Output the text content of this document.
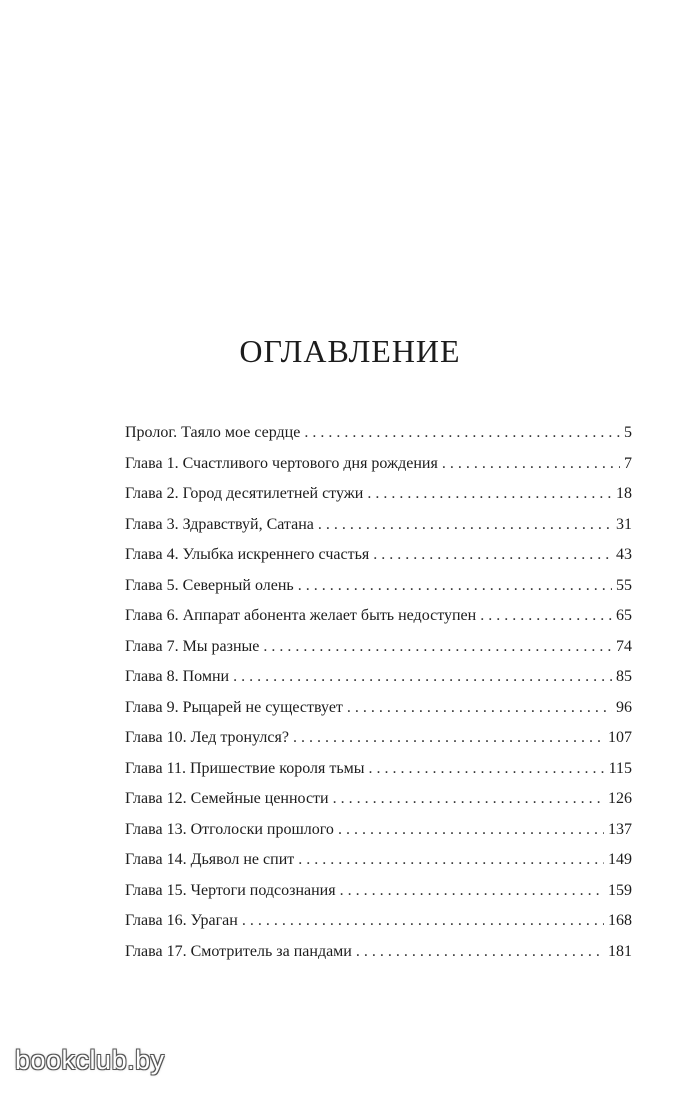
ОГЛАВЛЕНИЕ
Пролог. Таяло мое сердце . . .	5
Глава 1. Счастливого чертового дня рождения . . .	7
Глава 2. Город десятилетней стужи . . .	18
Глава 3. Здравствуй, Сатана . . .	31
Глава 4. Улыбка искреннего счастья . . .	43
Глава 5. Северный олень . . .	55
Глава 6. Аппарат абонента желает быть недоступен . . .	65
Глава 7. Мы разные . . .	74
Глава 8. Помни . . .	85
Глава 9. Рыцарей не существует . . .	96
Глава 10. Лед тронулся? . . .	107
Глава 11. Пришествие короля тьмы . . .	115
Глава 12. Семейные ценности . . .	126
Глава 13. Отголоски прошлого . . .	137
Глава 14. Дьявол не спит . . .	149
Глава 15. Чертоги подсознания . . .	159
Глава 16. Ураган . . .	168
Глава 17. Смотритель за пандами . . .	181
bookclub.by
